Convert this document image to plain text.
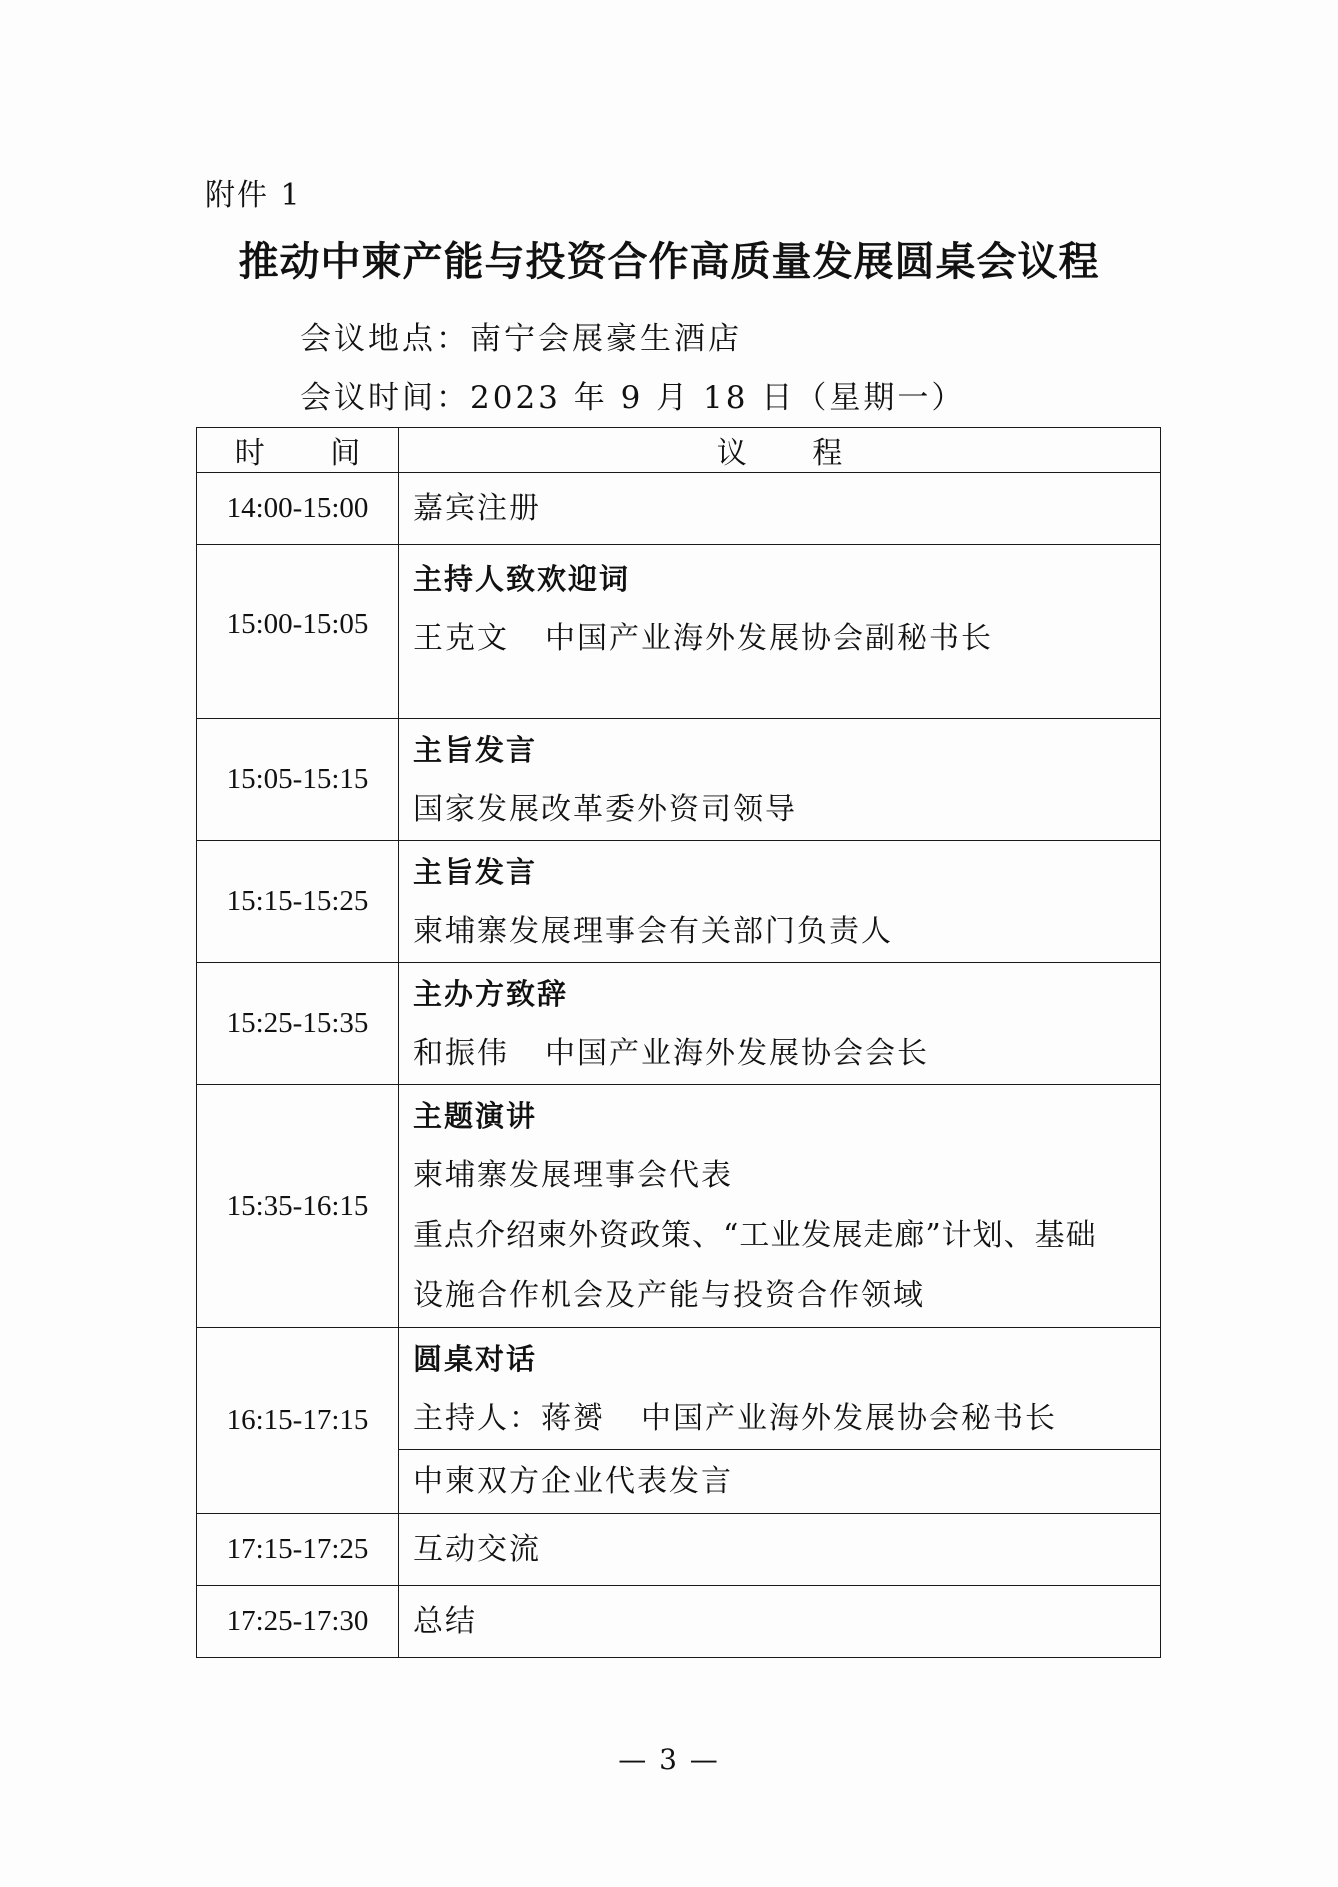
附件 1
推动中柬产能与投资合作高质量发展圆桌会议程
会议地点：南宁会展豪生酒店
会议时间：2023 年 9 月 18 日（星期一）
时 间	议 程
14:00-15:00	嘉宾注册

15:00-15:05	主持人致欢迎词
王克文 中国产业海外发展协会副秘书长

15:05-15:15	主旨发言
国家发展改革委外资司领导

15:15-15:25	主旨发言
柬埔寨发展理事会有关部门负责人

15:25-15:35	主办方致辞
和振伟 中国产业海外发展协会会长

15:35-16:15	主题演讲
柬埔寨发展理事会代表
重点介绍柬外资政策、“工业发展走廊”计划、基础
设施合作机会及产能与投资合作领域

16:15-17:15	圆桌对话
主持人：蒋赟 中国产业海外发展协会秘书长

	中柬双方企业代表发言

17:15-17:25	互动交流

17:25-17:30	总结
— 3 —
